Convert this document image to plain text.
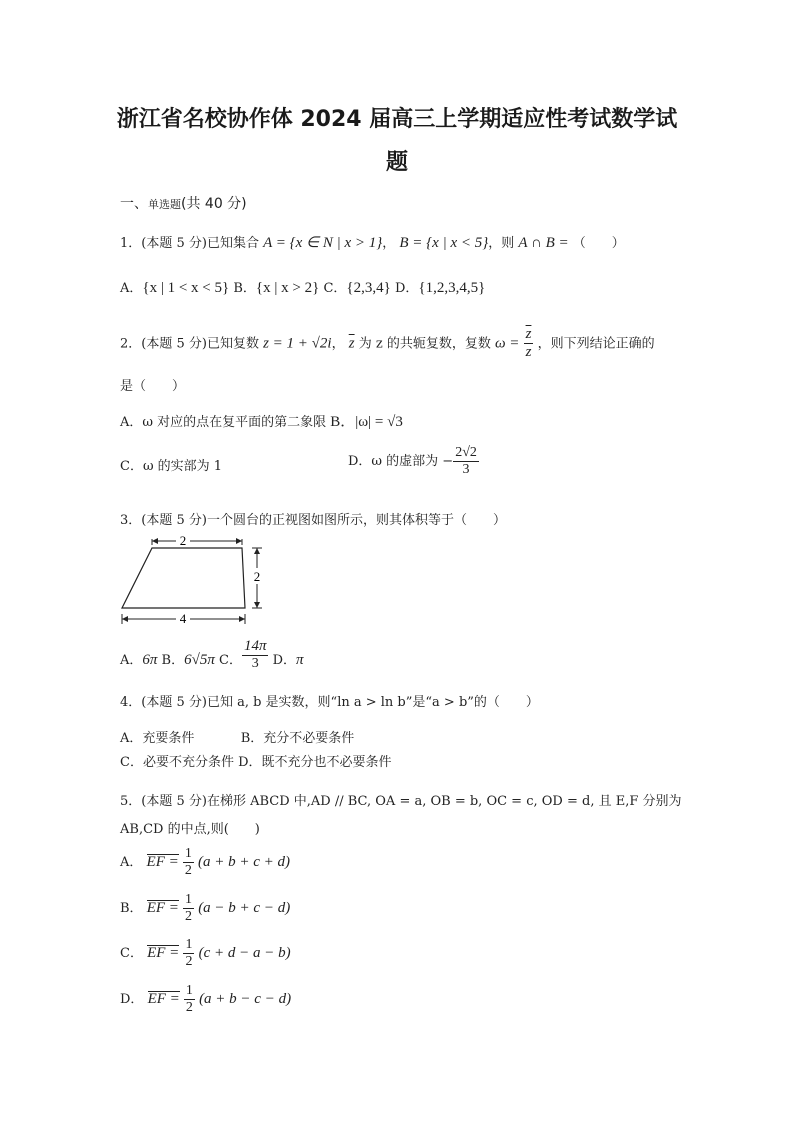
浙江省名校协作体 2024 届高三上学期适应性考试数学试
题
一、单选题(共 40 分)
1．(本题 5 分)已知集合 A = {x ∈ N | x > 1}， B = {x | x < 5}，则 A ∩ B = （　　）
A．{x | 1 < x < 5} B．{x | x > 2} C．{2,3,4} D．{1,2,3,4,5}
2．(本题 5 分)已知复数 z = 1 + √2i， $\overline{z}$ 为 z 的共轭复数，复数 $\omega = \frac{\overline{z}}{z}$ ，则下列结论正确的
是（　　）
A．ω 对应的点在复平面的第二象限 B．|ω| = √3
C．ω 的实部为 1	D．ω 的虚部为 − $\frac{2√2}{3}$
3．(本题 5 分)一个圆台的正视图如图所示，则其体积等于（　　）
2
2
4
A．6π B．6√5π C． $\frac{14\pi}{3}$ D．π
4．(本题 5 分)已知 a, b 是实数，则“ln a > ln b”是“a > b”的（　　）
A．充要条件	B．充分不必要条件
C．必要不充分条件 D．既不充分也不必要条件
5．(本题 5 分)在梯形 ABCD 中,AD // BC, OA = a, OB = b, OC = c, OD = d, 且 E,F 分别为
AB,CD 的中点,则(　　)
A． EF = $\frac{1}{2} (a + b + c + d)$
B． EF = $\frac{1}{2} (a - b + c - d)$
C． EF = $\frac{1}{2} (c + d - a - b)$
D． EF = $\frac{1}{2} (a + b - c - d)$
